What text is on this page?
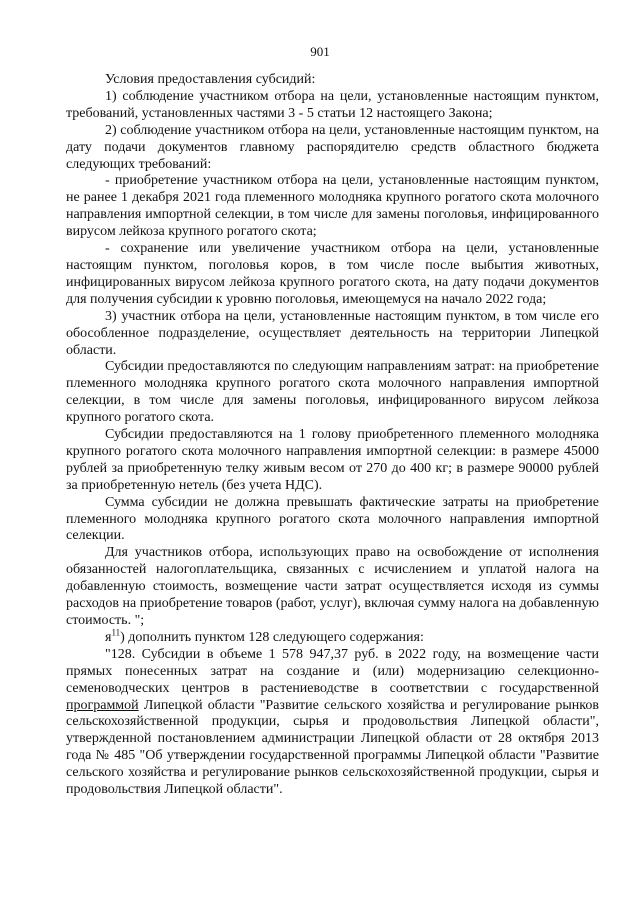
901

Условия предоставления субсидий:

1) соблюдение участником отбора на цели, установленные настоящим пунктом, требований, установленных частями 3 - 5 статьи 12 настоящего Закона;

2) соблюдение участником отбора на цели, установленные настоящим пунктом, на дату подачи документов главному распорядителю средств областного бюджета следующих требований:

- приобретение участником отбора на цели, установленные настоящим пунктом, не ранее 1 декабря 2021 года племенного молодняка крупного рогатого скота молочного направления импортной селекции, в том числе для замены поголовья, инфицированного вирусом лейкоза крупного рогатого скота;

- сохранение или увеличение участником отбора на цели, установленные настоящим пунктом, поголовья коров, в том числе после выбытия животных, инфицированных вирусом лейкоза крупного рогатого скота, на дату подачи документов для получения субсидии к уровню поголовья, имеющемуся на начало 2022 года;

3) участник отбора на цели, установленные настоящим пунктом, в том числе его обособленное подразделение, осуществляет деятельность на территории Липецкой области.

Субсидии предоставляются по следующим направлениям затрат: на приобретение племенного молодняка крупного рогатого скота молочного направления импортной селекции, в том числе для замены поголовья, инфицированного вирусом лейкоза крупного рогатого скота.

Субсидии предоставляются на 1 голову приобретенного племенного молодняка крупного рогатого скота молочного направления импортной селекции: в размере 45000 рублей за приобретенную телку живым весом от 270 до 400 кг; в размере 90000 рублей за приобретенную нетель (без учета НДС).

Сумма субсидии не должна превышать фактические затраты на приобретение племенного молодняка крупного рогатого скота молочного направления импортной селекции.

Для участников отбора, использующих право на освобождение от исполнения обязанностей налогоплательщика, связанных с исчислением и уплатой налога на добавленную стоимость, возмещение части затрат осуществляется исходя из суммы расходов на приобретение товаров (работ, услуг), включая сумму налога на добавленную стоимость. ";

$я^{11}$) дополнить пунктом 128 следующего содержания:

"128. Субсидии в объеме 1 578 947,37 руб. в 2022 году, на возмещение части прямых понесенных затрат на создание и (или) модернизацию селекционно-семеноводческих центров в растениеводстве в соответствии с государственной программой Липецкой области "Развитие сельского хозяйства и регулирование рынков сельскохозяйственной продукции, сырья и продовольствия Липецкой области", утвержденной постановлением администрации Липецкой области от 28 октября 2013 года № 485 "Об утверждении государственной программы Липецкой области "Развитие сельского хозяйства и регулирование рынков сельскохозяйственной продукции, сырья и продовольствия Липецкой области".
